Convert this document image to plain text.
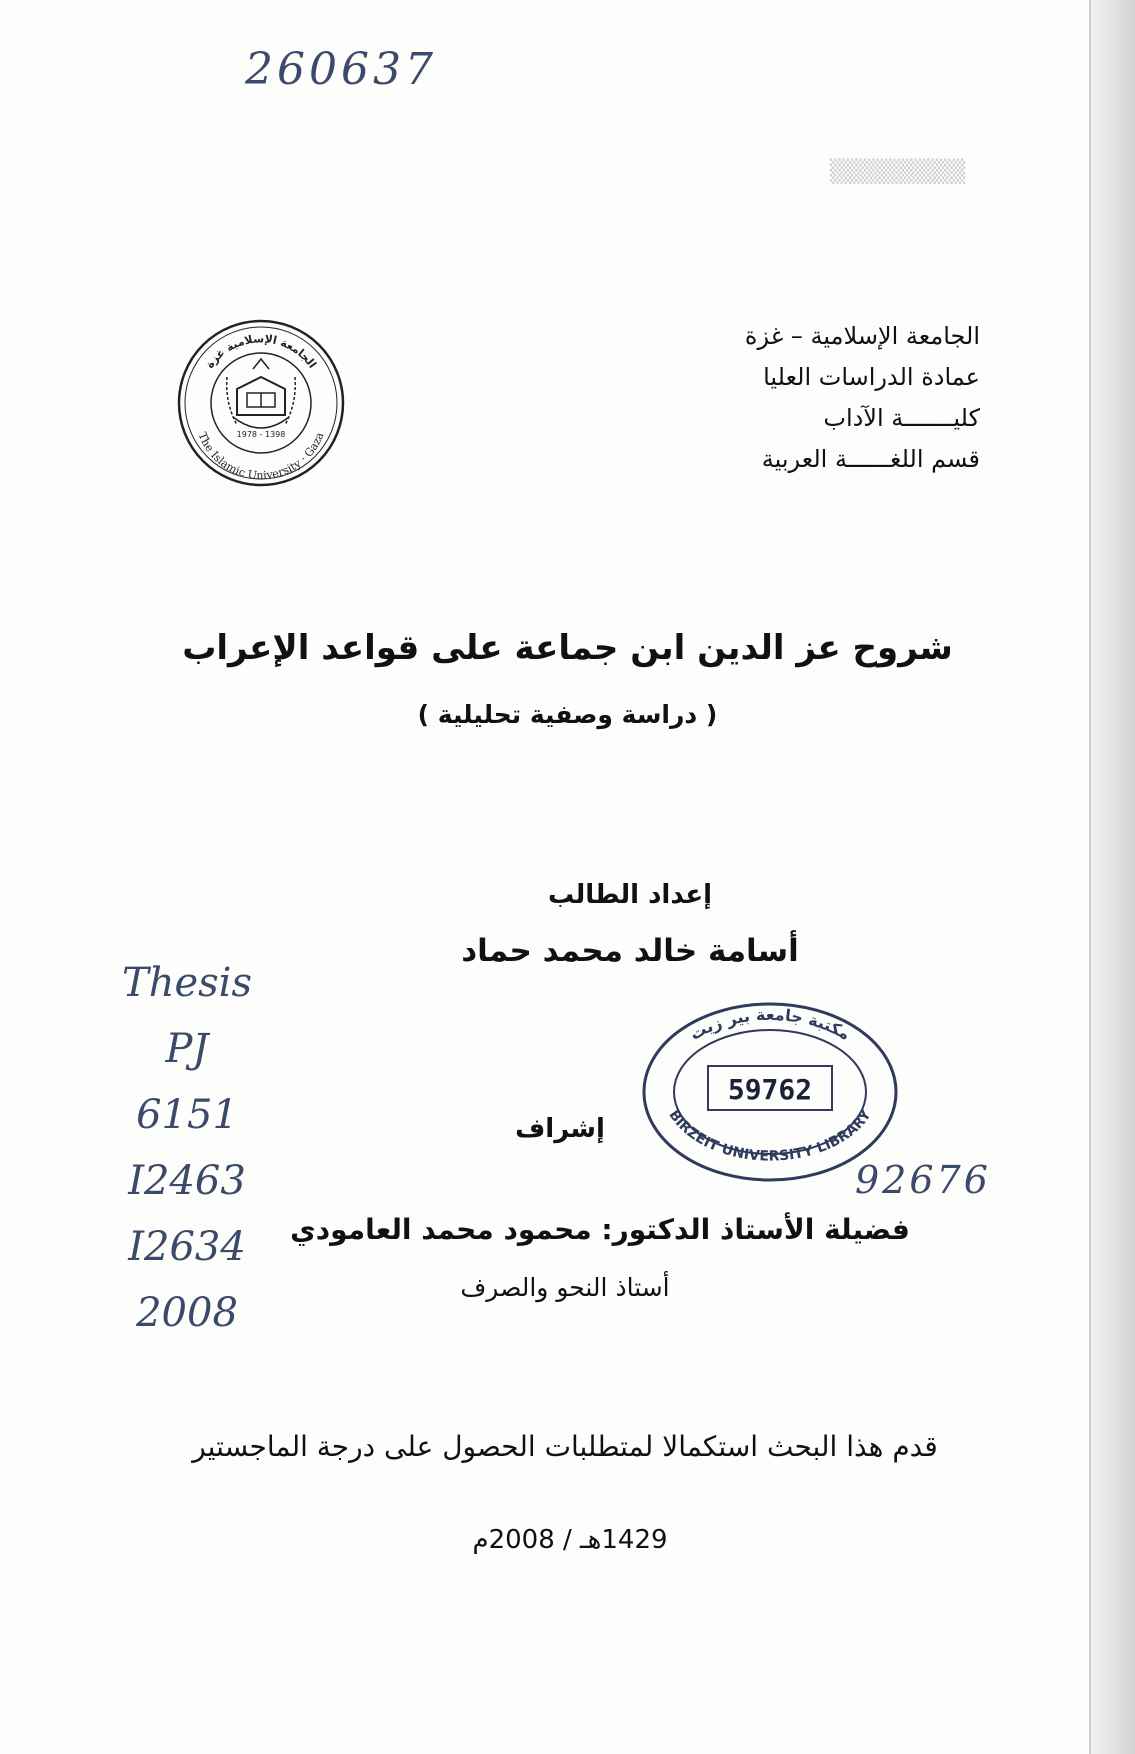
▒▒▒▒▒▒▒▒
260637
1978 - 1398
The Islamic University · Gaza
الجامعة الإسلامية غزة
الجامعة الإسلامية – غزة
عمادة الدراسات العليا
كليـــــــة الآداب
قسم اللغــــــة العربية
شروح عز الدين ابن جماعة على قواعد الإعراب
( دراسة وصفية تحليلية )
إعداد الطالب
أسامة خالد محمد حماد
Thesis
PJ
6151
I2463
I2634
2008
مكتبة جامعة بير زيت
BIRZEIT UNIVERSITY LIBRARY
59762
إشراف
92676
فضيلة الأستاذ الدكتور: محمود محمد العامودي
أستاذ النحو والصرف
قدم هذا البحث استكمالا لمتطلبات الحصول على درجة الماجستير
1429هـ / 2008م
